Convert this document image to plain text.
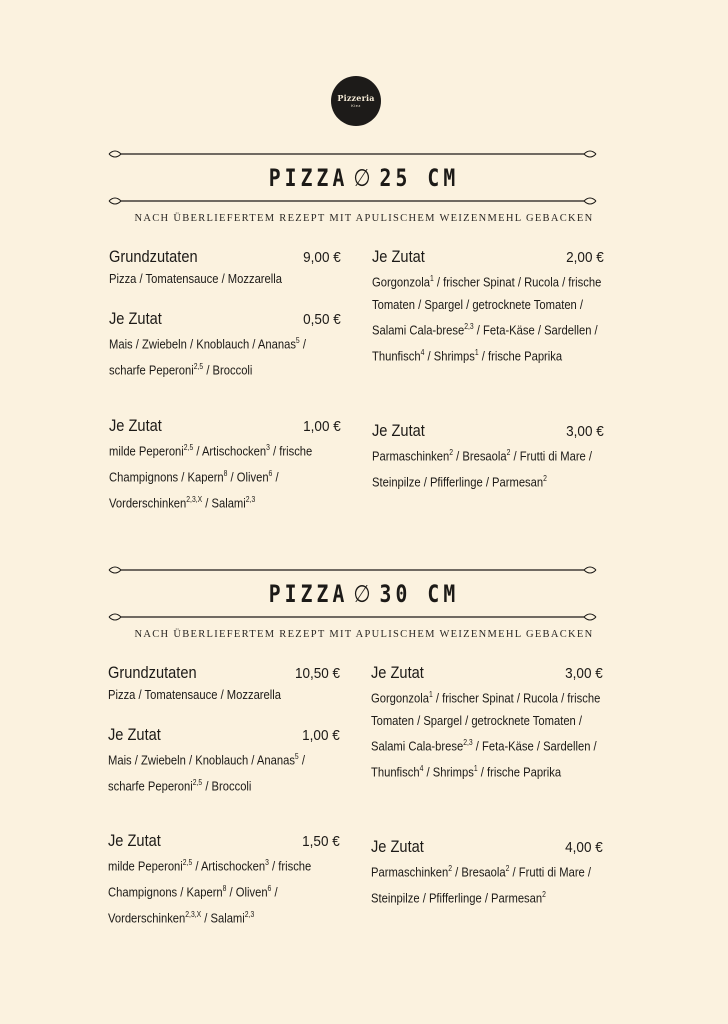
Pizzeria
Kiez
PIZZA ∅ 25 CM
NACH ÜBERLIEFERTEM REZEPT MIT APULISCHEM WEIZENMEHL GEBACKEN
Grundzutaten	9,00 €
Pizza / Tomatensauce / Mozzarella
Je Zutat	0,50 €
Mais / Zwiebeln / Knoblauch / Ananas$^5$ / scharfe Peperoni$^{2,5}$ / Broccoli
Je Zutat	1,00 €
milde Peperoni$^{2,5}$ / Artischocken$^3$ / frische Champignons / Kapern$^8$ / Oliven$^6$ / Vorderschinken$^{2,3,X}$ / Salami$^{2,3}$
Je Zutat	2,00 €
Gorgonzola$^1$ / frischer Spinat / Rucola / frische Tomaten / Spargel / getrocknete Tomaten / Salami Cala-brese$^{2,3}$ / Feta-Käse / Sardellen / Thunfisch$^4$ / Shrimps$^1$ / frische Paprika
Je Zutat	3,00 €
Parmaschinken$^2$ / Bresaola$^2$ / Frutti di Mare / Steinpilze / Pfifferlinge / Parmesan$^2$
PIZZA ∅ 30 CM
NACH ÜBERLIEFERTEM REZEPT MIT APULISCHEM WEIZENMEHL GEBACKEN
Grundzutaten	10,50 €
Pizza / Tomatensauce / Mozzarella
Je Zutat	1,00 €
Mais / Zwiebeln / Knoblauch / Ananas$^5$ / scharfe Peperoni$^{2,5}$ / Broccoli
Je Zutat	1,50 €
milde Peperoni$^{2,5}$ / Artischocken$^3$ / frische Champignons / Kapern$^8$ / Oliven$^6$ / Vorderschinken$^{2,3,X}$ / Salami$^{2,3}$
Je Zutat	3,00 €
Gorgonzola$^1$ / frischer Spinat / Rucola / frische Tomaten / Spargel / getrocknete Tomaten / Salami Cala-brese$^{2,3}$ / Feta-Käse / Sardellen / Thunfisch$^4$ / Shrimps$^1$ / frische Paprika
Je Zutat	4,00 €
Parmaschinken$^2$ / Bresaola$^2$ / Frutti di Mare / Steinpilze / Pfifferlinge / Parmesan$^2$
